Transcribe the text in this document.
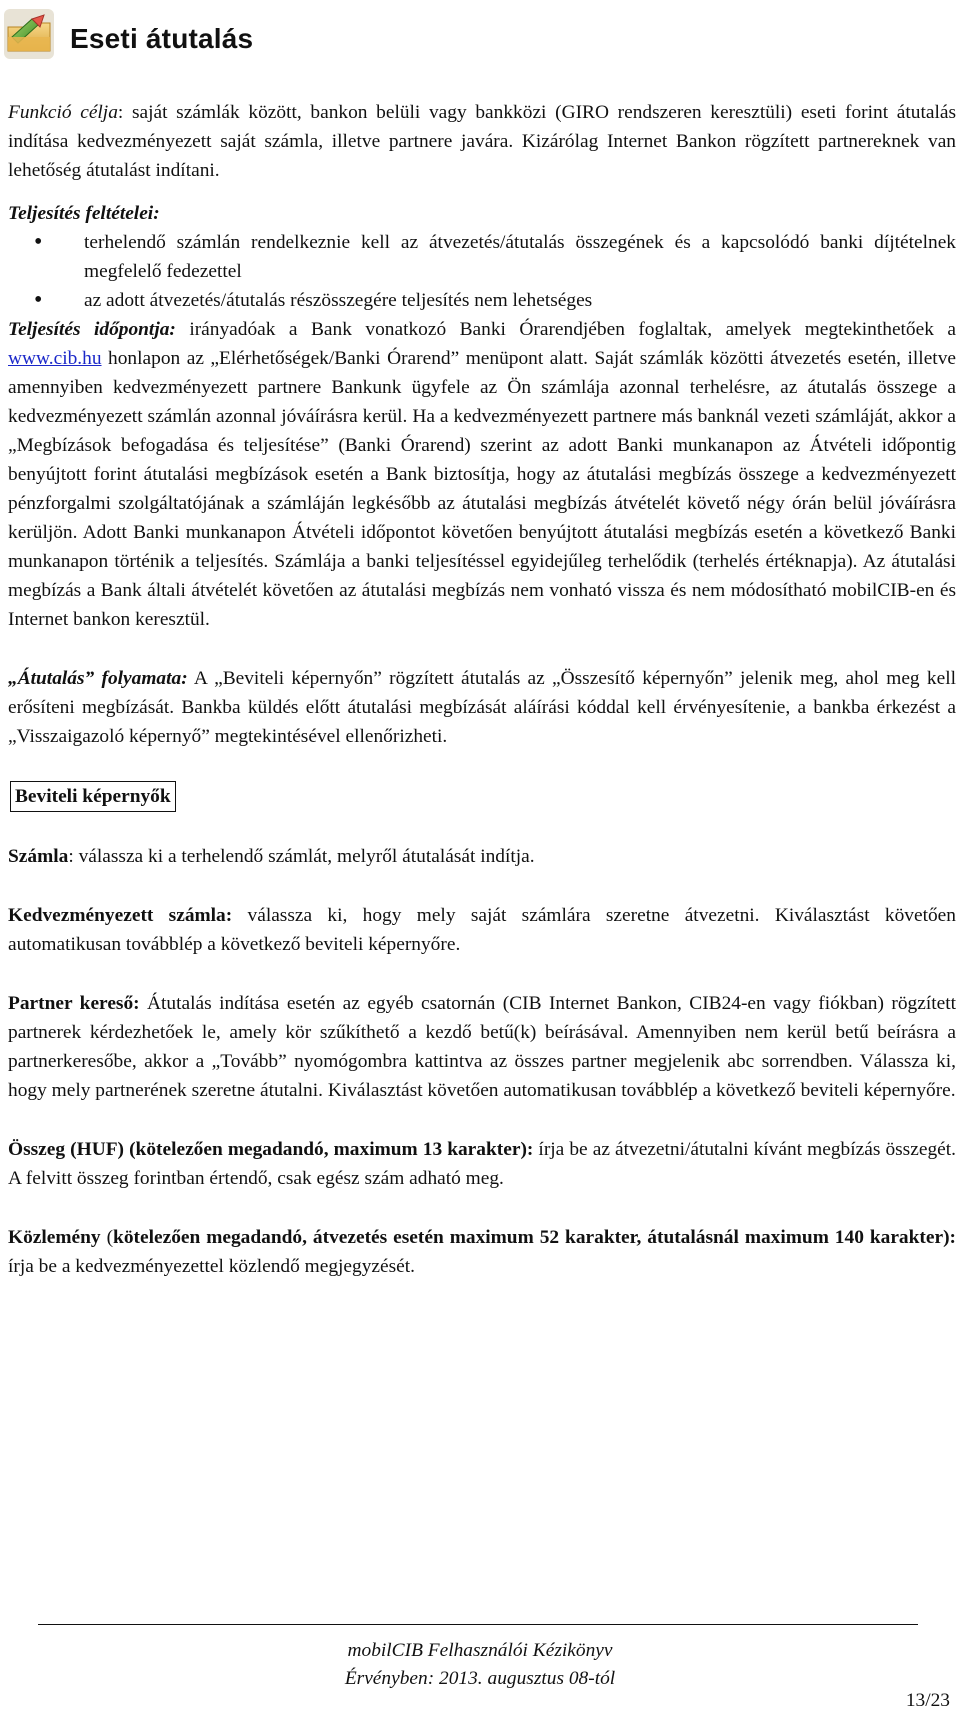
Eseti átutalás

Funkció célja: saját számlák között, bankon belüli vagy bankközi (GIRO rendszeren keresztüli) eseti forint átutalás indítása kedvezményezett saját számla, illetve partnere javára. Kizárólag Internet Bankon rögzített partnereknek van lehetőség átutalást indítani.

Teljesítés feltételei:

• terhelendő számlán rendelkeznie kell az átvezetés/átutalás összegének és a kapcsolódó banki díjtételnek megfelelő fedezettel
• az adott átvezetés/átutalás részösszegére teljesítés nem lehetséges

Teljesítés időpontja: irányadóak a Bank vonatkozó Banki Órarendjében foglaltak, amelyek megtekinthetőek a www.cib.hu honlapon az „Elérhetőségek/Banki Órarend” menüpont alatt. Saját számlák közötti átvezetés esetén, illetve amennyiben kedvezményezett partnere Bankunk ügyfele az Ön számlája azonnal terhelésre, az átutalás összege a kedvezményezett számlán azonnal jóváírásra kerül. Ha a kedvezményezett partnere más banknál vezeti számláját, akkor a „Megbízások befogadása és teljesítése” (Banki Órarend) szerint az adott Banki munkanapon az Átvételi időpontig benyújtott forint átutalási megbízások esetén a Bank biztosítja, hogy az átutalási megbízás összege a kedvezményezett pénzforgalmi szolgáltatójának a számláján legkésőbb az átutalási megbízás átvételét követő négy órán belül jóváírásra kerüljön. Adott Banki munkanapon Átvételi időpontot követően benyújtott átutalási megbízás esetén a következő Banki munkanapon történik a teljesítés. Számlája a banki teljesítéssel egyidejűleg terhelődik (terhelés értéknapja). Az átutalási megbízás a Bank általi átvételét követően az átutalási megbízás nem vonható vissza és nem módosítható mobilCIB-en és Internet bankon keresztül.

„Átutalás” folyamata: A „Beviteli képernyőn” rögzített átutalás az „Összesítő képernyőn” jelenik meg, ahol meg kell erősíteni megbízását. Bankba küldés előtt átutalási megbízását aláírási kóddal kell érvényesítenie, a bankba érkezést a „Visszaigazoló képernyő” megtekintésével ellenőrizheti.

Beviteli képernyők

Számla: válassza ki a terhelendő számlát, melyről átutalását indítja.

Kedvezményezett számla: válassza ki, hogy mely saját számlára szeretne átvezetni. Kiválasztást követően automatikusan továbblép a következő beviteli képernyőre.

Partner kereső: Átutalás indítása esetén az egyéb csatornán (CIB Internet Bankon, CIB24-en vagy fiókban) rögzített partnerek kérdezhetőek le, amely kör szűkíthető a kezdő betű(k) beírásával. Amennyiben nem kerül betű beírásra a partnerkeresőbe, akkor a „Tovább” nyomógombra kattintva az összes partner megjelenik abc sorrendben. Válassza ki, hogy mely partnerének szeretne átutalni. Kiválasztást követően automatikusan továbblép a következő beviteli képernyőre.

Összeg (HUF) (kötelezően megadandó, maximum 13 karakter): írja be az átvezetni/átutalni kívánt megbízás összegét. A felvitt összeg forintban értendő, csak egész szám adható meg.

Közlemény (kötelezően megadandó, átvezetés esetén maximum 52 karakter, átutalásnál maximum 140 karakter): írja be a kedvezményezettel közlendő megjegyzését.

mobilCIB Felhasználói Kézikönyv
Érvényben: 2013. augusztus 08-tól
13/23
